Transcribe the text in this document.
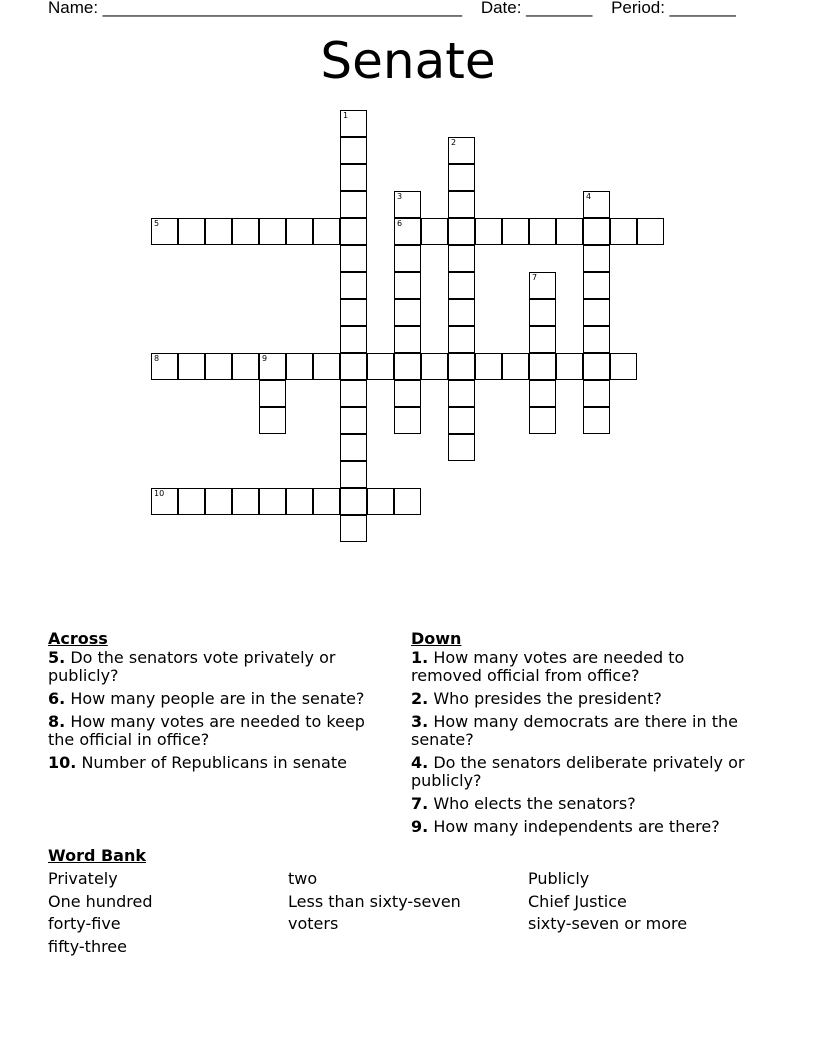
Name: ______________________________________ Date: _______ Period: _______
Senate
1
2
3
6
4
5
7
8	9
10
Across
5. Do the senators vote privately or publicly?
6. How many people are in the senate?
8. How many votes are needed to keep the official in office?
10. Number of Republicans in senate
Down
1. How many votes are needed to removed official from office?
2. Who presides the president?
3. How many democrats are there in the senate?
4. Do the senators deliberate privately or publicly?
7. Who elects the senators?
9. How many independents are there?
Word Bank
Privately
One hundred
forty-five
fifty-three
two
Less than sixty-seven
voters
Publicly
Chief Justice
sixty-seven or more
